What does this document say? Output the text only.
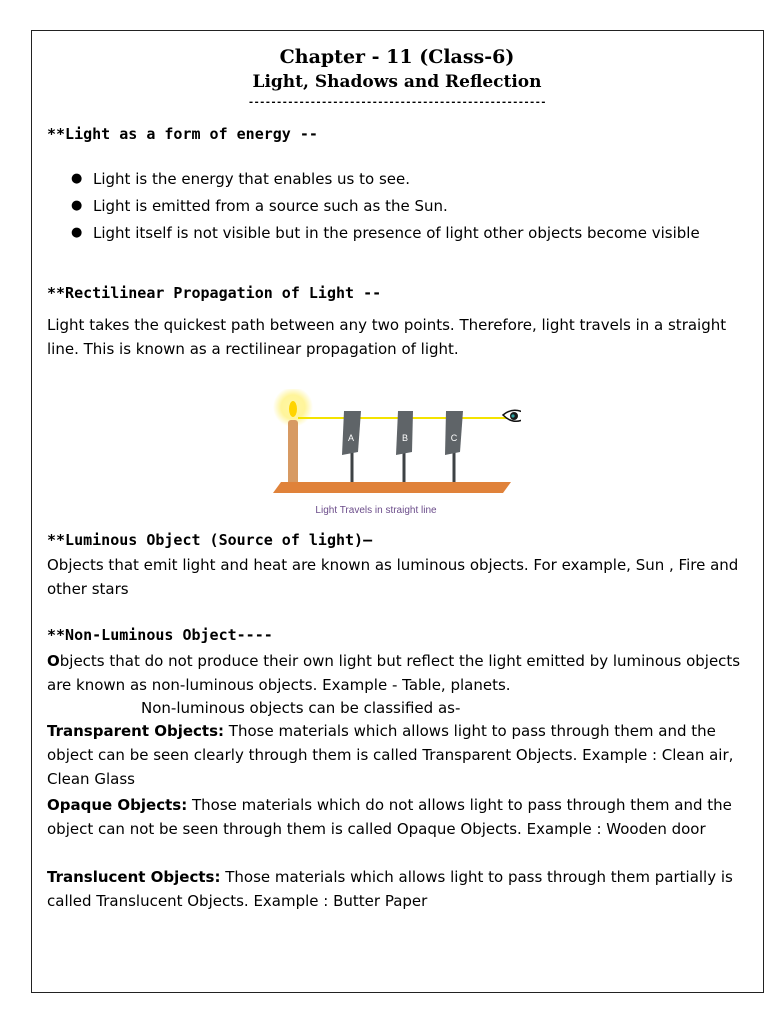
Chapter - 11 (Class-6)
Light, Shadows and Reflection
-----------------------------------------------------
**Light as a form of energy --
● Light is the energy that enables us to see.
● Light is emitted from a source such as the Sun.
● Light itself is not visible but in the presence of light other objects become visible
**Rectilinear Propagation of Light --
Light takes the quickest path between any two points. Therefore, light travels in a straight line. This is known as a rectilinear propagation of light.
A	B	C
Light Travels in straight line
**Luminous Object (Source of light)–
Objects that emit light and heat are known as luminous objects. For example, Sun , Fire and other stars
**Non-Luminous Object----
Objects that do not produce their own light but reflect the light emitted by luminous objects are known as non-luminous objects. Example - Table, planets.
Non-luminous objects can be classified as-
Transparent Objects: Those materials which allows light to pass through them and the object can be seen clearly through them is called Transparent Objects. Example : Clean air, Clean Glass
Opaque Objects: Those materials which do not allows light to pass through them and the object can not be seen through them is called Opaque Objects. Example : Wooden door
Translucent Objects: Those materials which allows light to pass through them partially is called Translucent Objects. Example : Butter Paper
